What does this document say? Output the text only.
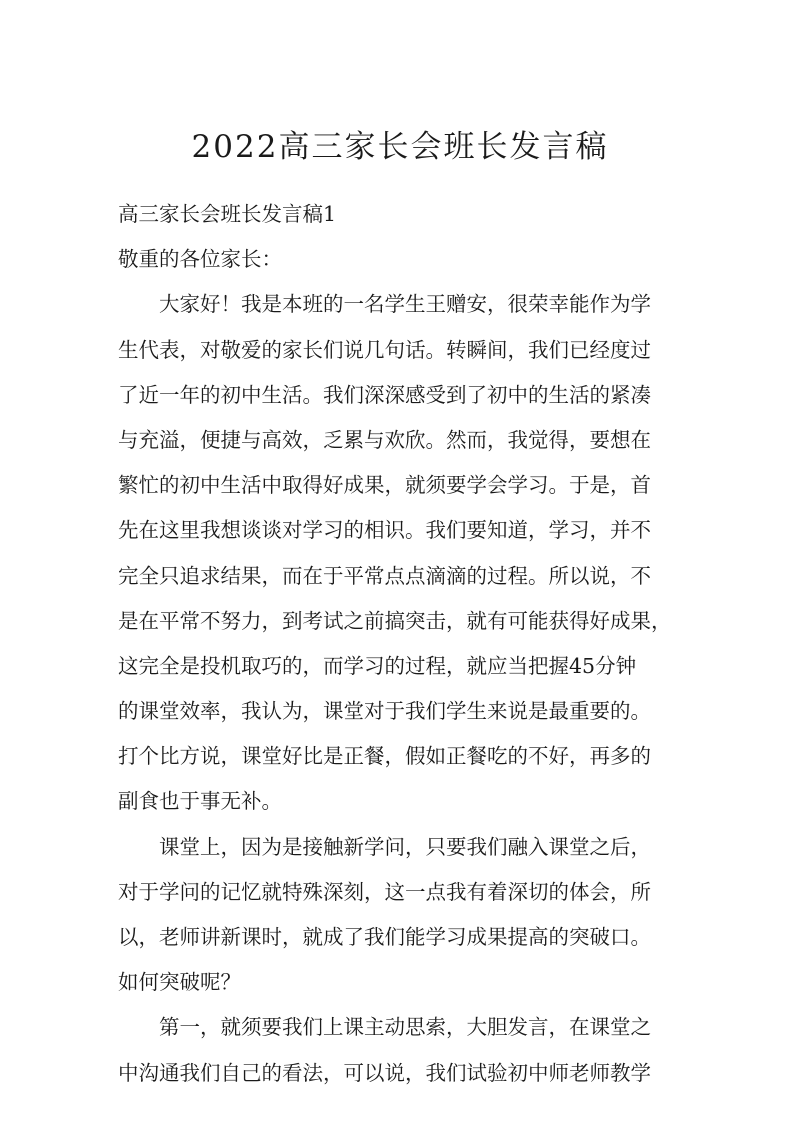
2022高三家长会班长发言稿

高三家长会班长发言稿1

敬重的各位家长：

大家好！我是本班的一名学生王赠安，很荣幸能作为学

生代表，对敬爱的家长们说几句话。转瞬间，我们已经度过

了近一年的初中生活。我们深深感受到了初中的生活的紧凑

与充溢，便捷与高效，乏累与欢欣。然而，我觉得，要想在

繁忙的初中生活中取得好成果，就须要学会学习。于是，首

先在这里我想谈谈对学习的相识。我们要知道，学习，并不

完全只追求结果，而在于平常点点滴滴的过程。所以说，不

是在平常不努力，到考试之前搞突击，就有可能获得好成果，

这完全是投机取巧的，而学习的过程，就应当把握45分钟

的课堂效率，我认为，课堂对于我们学生来说是最重要的。

打个比方说，课堂好比是正餐，假如正餐吃的不好，再多的

副食也于事无补。

课堂上，因为是接触新学问，只要我们融入课堂之后，

对于学问的记忆就特殊深刻，这一点我有着深切的体会，所

以，老师讲新课时，就成了我们能学习成果提高的突破口。

如何突破呢？

第一，就须要我们上课主动思索，大胆发言，在课堂之

中沟通我们自己的看法，可以说，我们试验初中师老师教学
